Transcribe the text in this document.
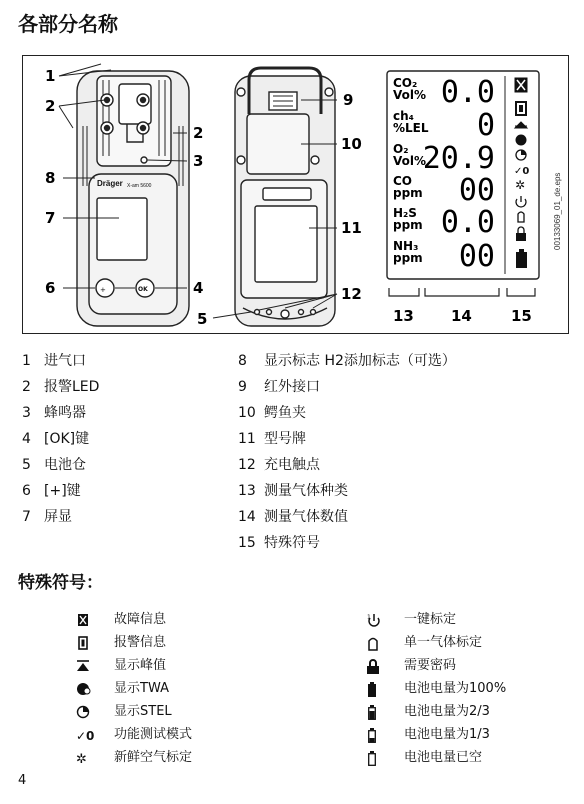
各部分名称
Dräger X-am 5600
+	OK
✓0
✲
CO₂
Vol% 0.0
ch₄
%LEL 0
O₂
Vol%
20.9
CO
ppm 00
H₂S
ppm 0.0
NH₃
ppm 00
1
2
2
3
4
5
6
7
8
9
10
11
12
13 14	15
00133069_01_de.eps
1 进气口
2 报警LED
3 蜂鸣器
4 [OK]键
5 电池仓
6 [+]键
7 屏显
8	显示标志 H2添加标志（可选）
9	红外接口
10 鳄鱼夹
11 型号牌
12 充电触点
13 测量气体种类
14 测量气体数值
15 特殊符号
特殊符号：
故障信息
报警信息
显示峰值
显示TWA
显示STEL
✓0 功能测试模式
✲ 新鲜空气标定
1	一键标定
单一气体标定
需要密码
电池电量为100%
电池电量为2/3
电池电量为1/3
电池电量已空
4
